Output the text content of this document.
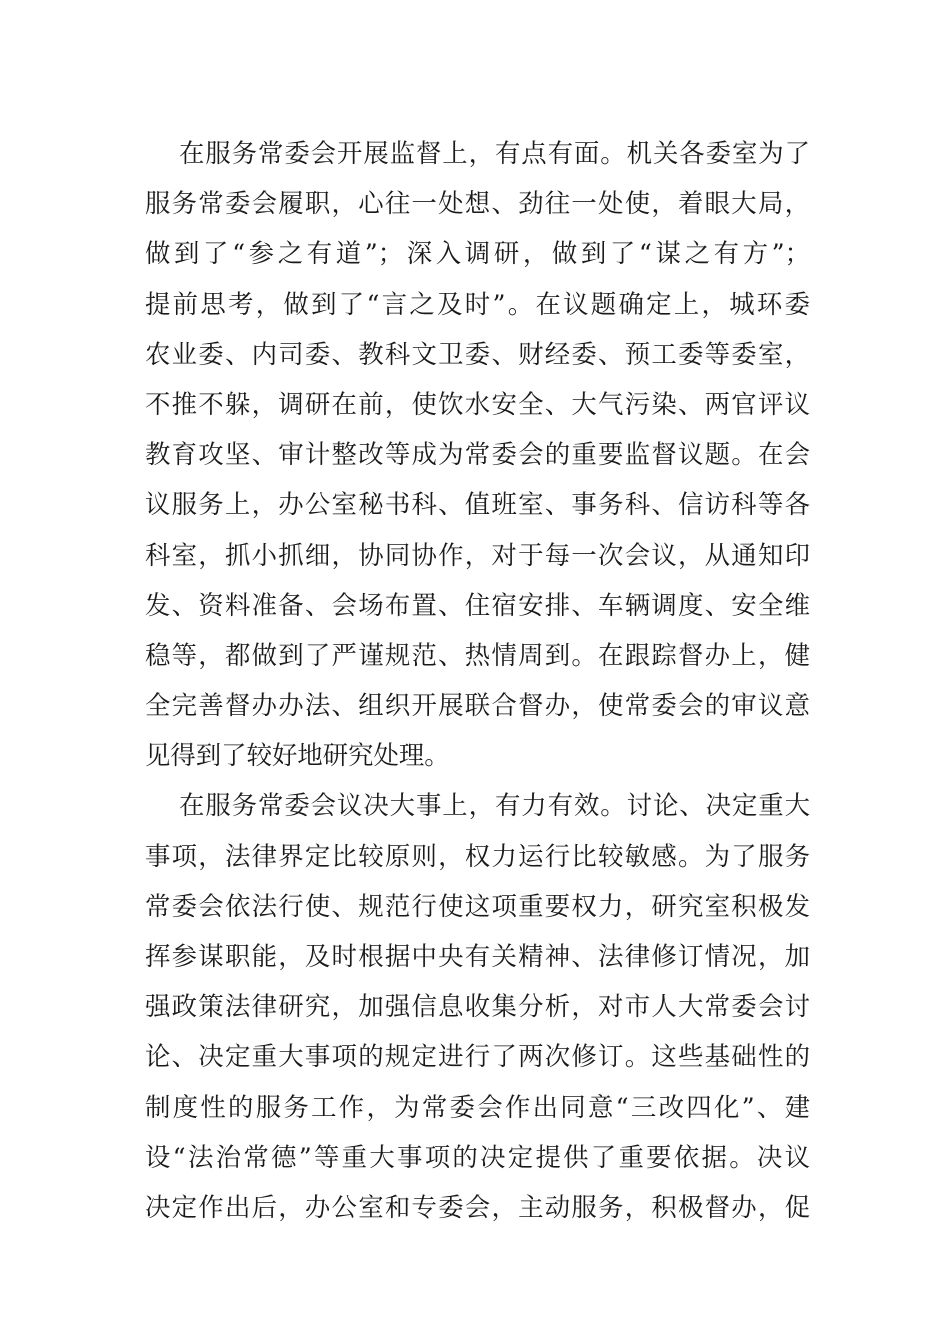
在服务常委会开展监督上，有点有面。机关各委室为了
服务常委会履职，心往一处想、劲往一处使，着眼大局，
做到了“参之有道”；深入调研，做到了“谋之有方”；
提前思考，做到了“言之及时”。在议题确定上，城环委
农业委、内司委、教科文卫委、财经委、预工委等委室，
不推不躲，调研在前，使饮水安全、大气污染、两官评议
教育攻坚、审计整改等成为常委会的重要监督议题。在会
议服务上，办公室秘书科、值班室、事务科、信访科等各
科室，抓小抓细，协同协作，对于每一次会议，从通知印
发、资料准备、会场布置、住宿安排、车辆调度、安全维
稳等，都做到了严谨规范、热情周到。在跟踪督办上，健
全完善督办办法、组织开展联合督办，使常委会的审议意
见得到了较好地研究处理。
在服务常委会议决大事上，有力有效。讨论、决定重大
事项，法律界定比较原则，权力运行比较敏感。为了服务
常委会依法行使、规范行使这项重要权力，研究室积极发
挥参谋职能，及时根据中央有关精神、法律修订情况，加
强政策法律研究，加强信息收集分析，对市人大常委会讨
论、决定重大事项的规定进行了两次修订。这些基础性的
制度性的服务工作，为常委会作出同意“三改四化”、建
设“法治常德”等重大事项的决定提供了重要依据。决议
决定作出后，办公室和专委会，主动服务，积极督办，促
